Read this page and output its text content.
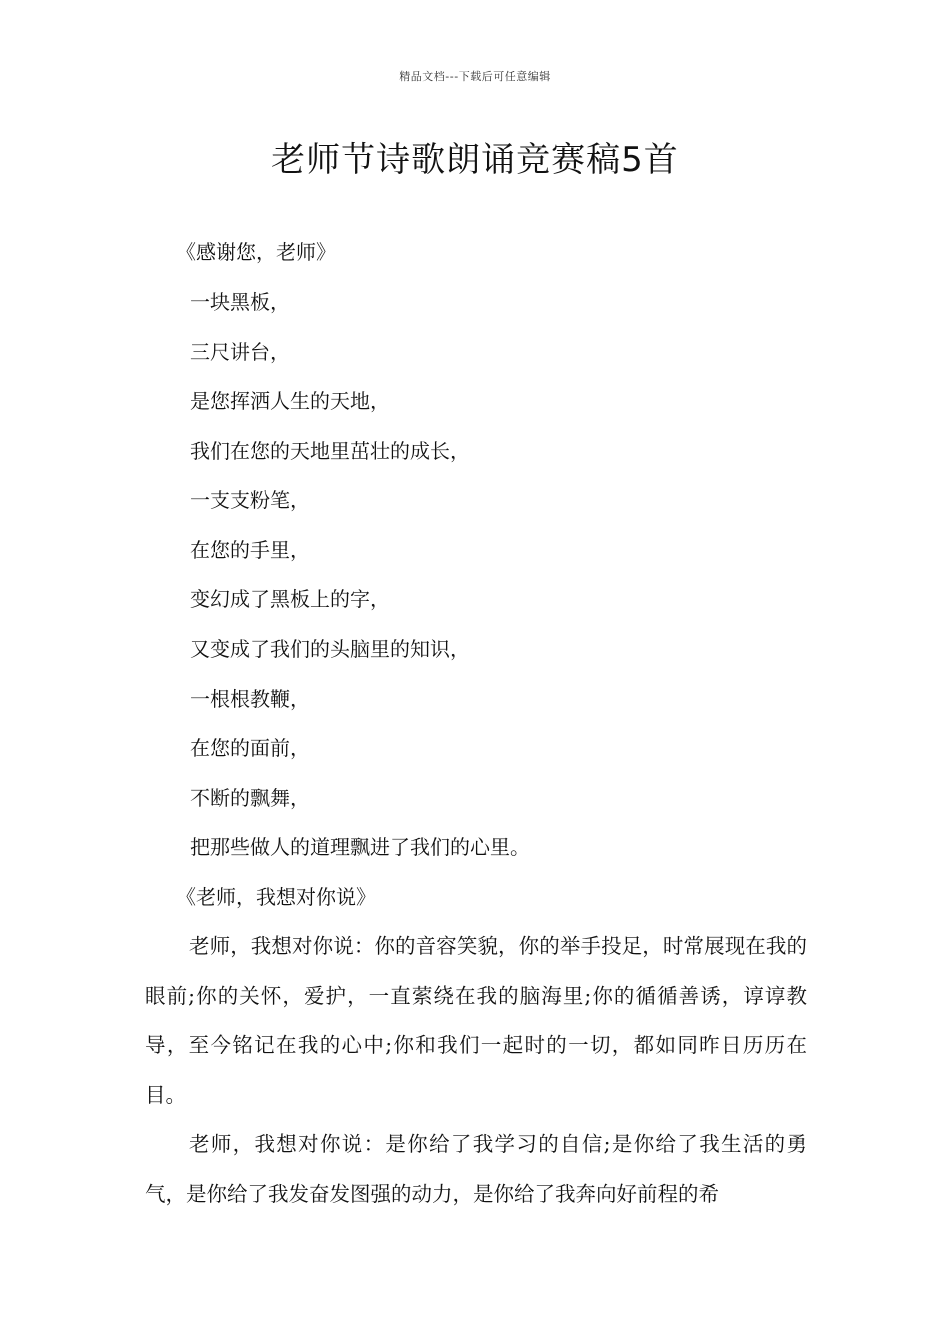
精品文档---下载后可任意编辑
老师节诗歌朗诵竞赛稿5首
《感谢您，老师》
一块黑板，
三尺讲台，
是您挥洒人生的天地，
我们在您的天地里茁壮的成长，
一支支粉笔，
在您的手里，
变幻成了黑板上的字，
又变成了我们的头脑里的知识，
一根根教鞭，
在您的面前，
不断的飘舞，
把那些做人的道理飘进了我们的心里。
《老师，我想对你说》

老师，我想对你说：你的音容笑貌，你的举手投足，时常展现在我的眼前;你的关怀，爱护，一直萦绕在我的脑海里;你的循循善诱，谆谆教导，至今铭记在我的心中;你和我们一起时的一切，都如同昨日历历在目。

老师，我想对你说：是你给了我学习的自信;是你给了我生活的勇气，是你给了我发奋发图强的动力，是你给了我奔向好前程的希
